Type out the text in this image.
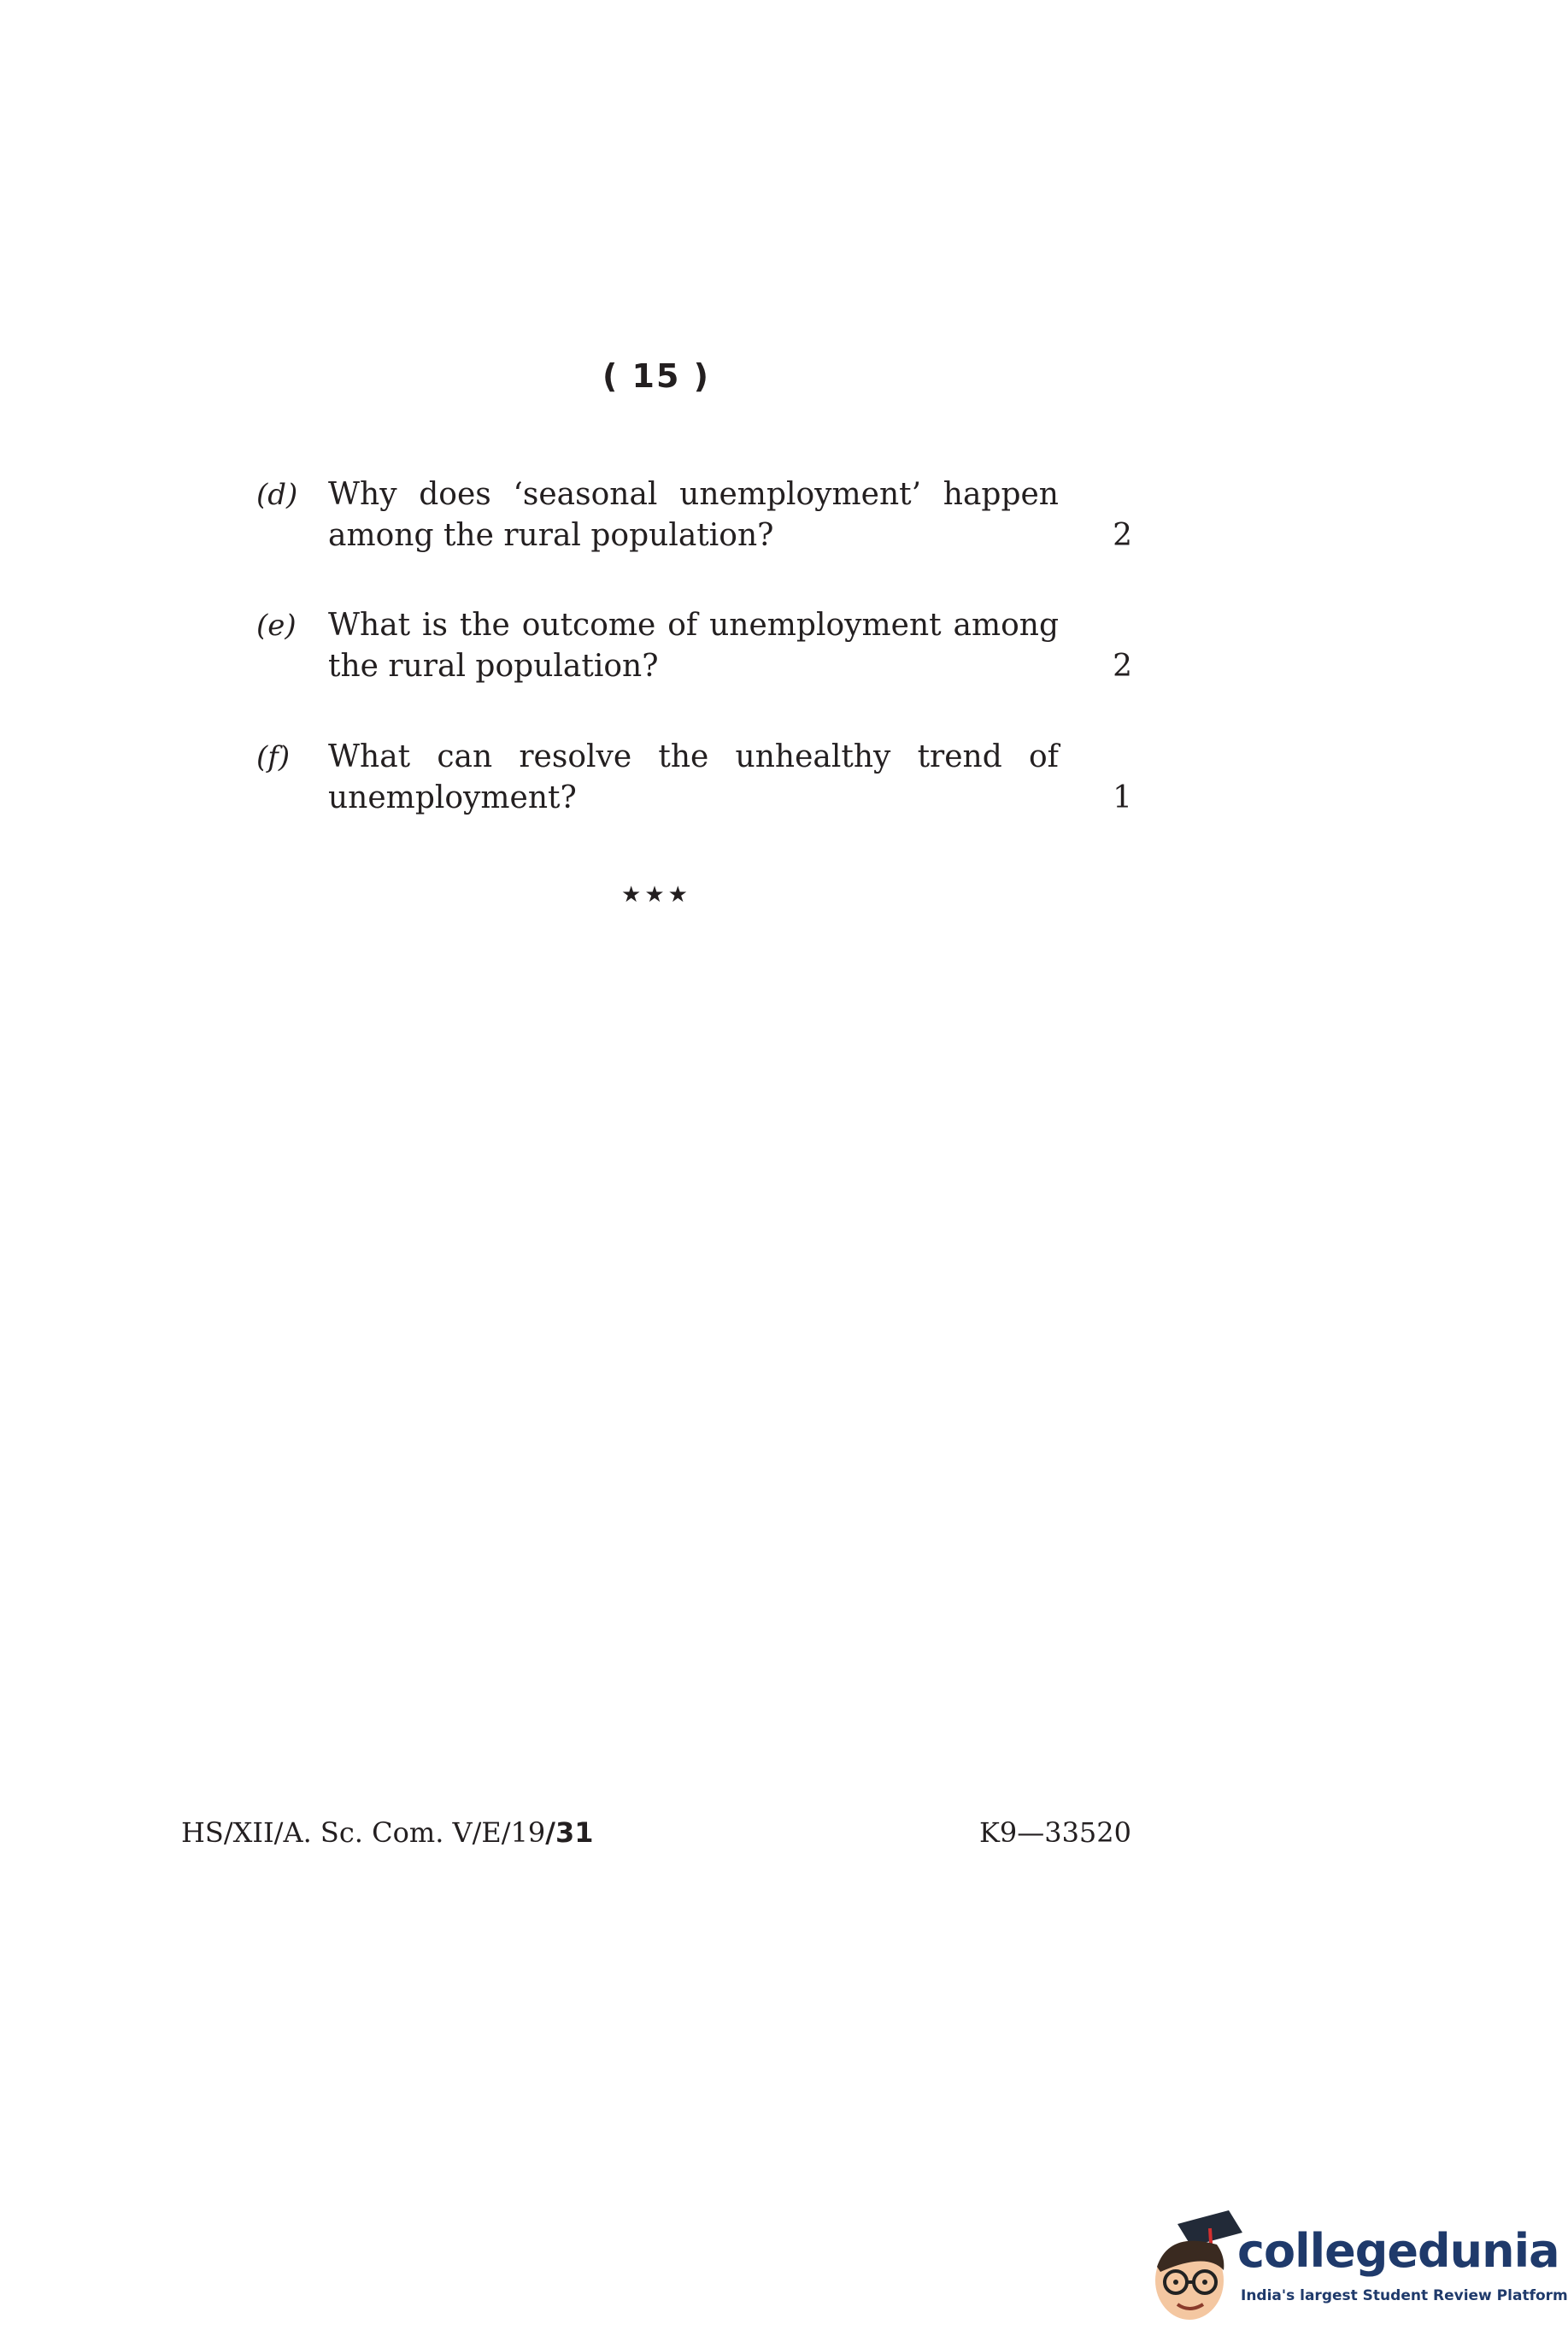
( 15 )
(d) Why does ‘seasonal unemployment’ happen
among the rural population?	2
(e) What is the outcome of unemployment among
the rural population?	2
(f) What can resolve the unhealthy trend of
unemployment?	1
★★★
HS/XII/A. Sc. Com. V/E/19/31	K9—33520
collegedunia
India's largest Student Review Platform
